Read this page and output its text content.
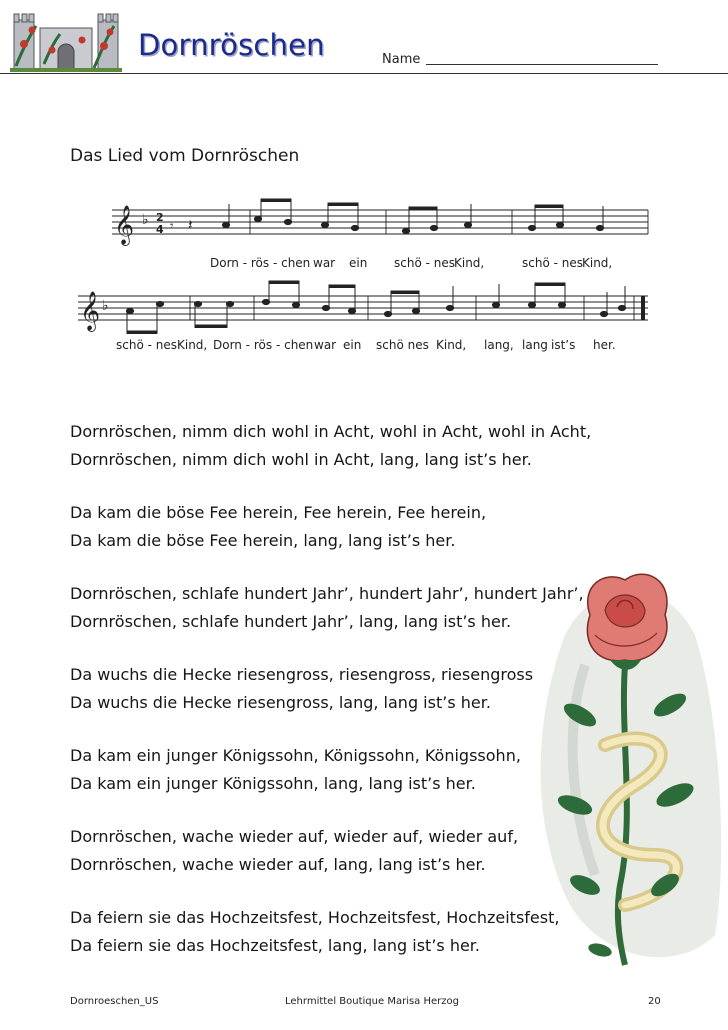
Dornröschen	Name
Das Lied vom Dornröschen
𝄞
𝄞
♭
♭
2
4 𝄾 𝄽
Dorn - rös - chen war ein schö - nes Kind,	schö - nes Kind,
schö - nes Kind, Dorn - rös - chen war ein schö nes Kind, lang, lang ist’s her.
Dornröschen, nimm dich wohl in Acht, wohl in Acht, wohl in Acht,
Dornröschen, nimm dich wohl in Acht, lang, lang ist’s her.
Da kam die böse Fee herein, Fee herein, Fee herein,
Da kam die böse Fee herein, lang, lang ist’s her.
Dornröschen, schlafe hundert Jahr’, hundert Jahr’, hundert Jahr’,
Dornröschen, schlafe hundert Jahr’, lang, lang ist’s her.
Da wuchs die Hecke riesengross, riesengross, riesengross
Da wuchs die Hecke riesengross, lang, lang ist’s her.
Da kam ein junger Königssohn, Königssohn, Königssohn,
Da kam ein junger Königssohn, lang, lang ist’s her.
Dornröschen, wache wieder auf, wieder auf, wieder auf,
Dornröschen, wache wieder auf, lang, lang ist’s her.
Da feiern sie das Hochzeitsfest, Hochzeitsfest, Hochzeitsfest,
Da feiern sie das Hochzeitsfest, lang, lang ist’s her.
Dornroeschen_US	Lehrmittel Boutique Marisa Herzog	20
